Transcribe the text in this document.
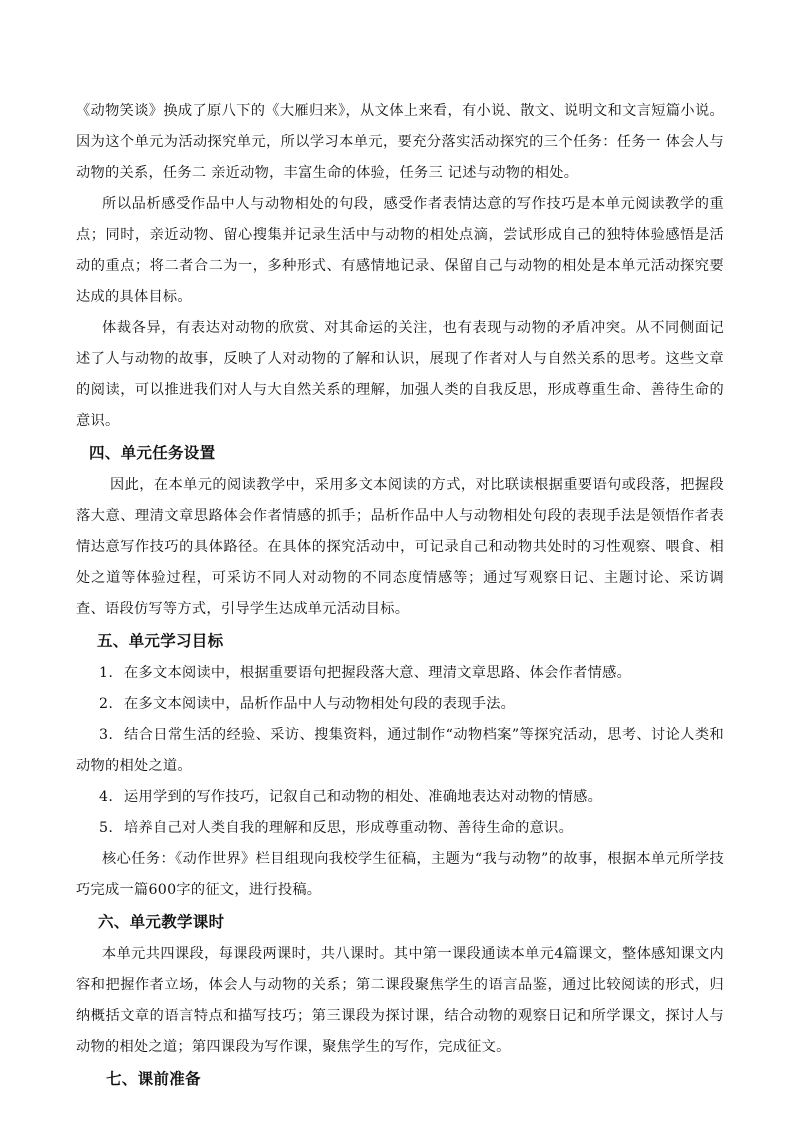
《动物笑谈》换成了原八下的《大雁归来》，从文体上来看，有小说、散文、说明文和文言短篇小说。因为这个单元为活动探究单元，所以学习本单元，要充分落实活动探究的三个任务：任务一 体会人与动物的关系，任务二 亲近动物，丰富生命的体验，任务三 记述与动物的相处。

所以品析感受作品中人与动物相处的句段，感受作者表情达意的写作技巧是本单元阅读教学的重点；同时，亲近动物、留心搜集并记录生活中与动物的相处点滴，尝试形成自己的独特体验感悟是活动的重点；将二者合二为一，多种形式、有感情地记录、保留自己与动物的相处是本单元活动探究要达成的具体目标。

体裁各异，有表达对动物的欣赏、对其命运的关注，也有表现与动物的矛盾冲突。从不同侧面记述了人与动物的故事，反映了人对动物的了解和认识，展现了作者对人与自然关系的思考。这些文章的阅读，可以推进我们对人与大自然关系的理解，加强人类的自我反思，形成尊重生命、善待生命的意识。

四、单元任务设置

因此，在本单元的阅读教学中，采用多文本阅读的方式，对比联读根据重要语句或段落，把握段落大意、理清文章思路体会作者情感的抓手；品析作品中人与动物相处句段的表现手法是领悟作者表情达意写作技巧的具体路径。在具体的探究活动中，可记录自己和动物共处时的习性观察、喂食、相处之道等体验过程，可采访不同人对动物的不同态度情感等；通过写观察日记、主题讨论、采访调查、语段仿写等方式，引导学生达成单元活动目标。

五、单元学习目标
1. 在多文本阅读中，根据重要语句把握段落大意、理清文章思路、体会作者情感。
2. 在多文本阅读中，品析作品中人与动物相处句段的表现手法。

3. 结合日常生活的经验、采访、搜集资料，通过制作“动物档案”等探究活动，思考、讨论人类和动物的相处之道。

4. 运用学到的写作技巧，记叙自己和动物的相处、准确地表达对动物的情感。
5. 培养自己对人类自我的理解和反思，形成尊重动物、善待生命的意识。

核心任务：《动作世界》栏目组现向我校学生征稿，主题为“我与动物”的故事，根据本单元所学技巧完成一篇600字的征文，进行投稿。

六、单元教学课时

本单元共四课段，每课段两课时，共八课时。其中第一课段通读本单元4篇课文，整体感知课文内容和把握作者立场，体会人与动物的关系；第二课段聚焦学生的语言品鉴，通过比较阅读的形式，归纳概括文章的语言特点和描写技巧；第三课段为探讨课，结合动物的观察日记和所学课文，探讨人与动物的相处之道；第四课段为写作课，聚焦学生的写作，完成征文。

七、课前准备
